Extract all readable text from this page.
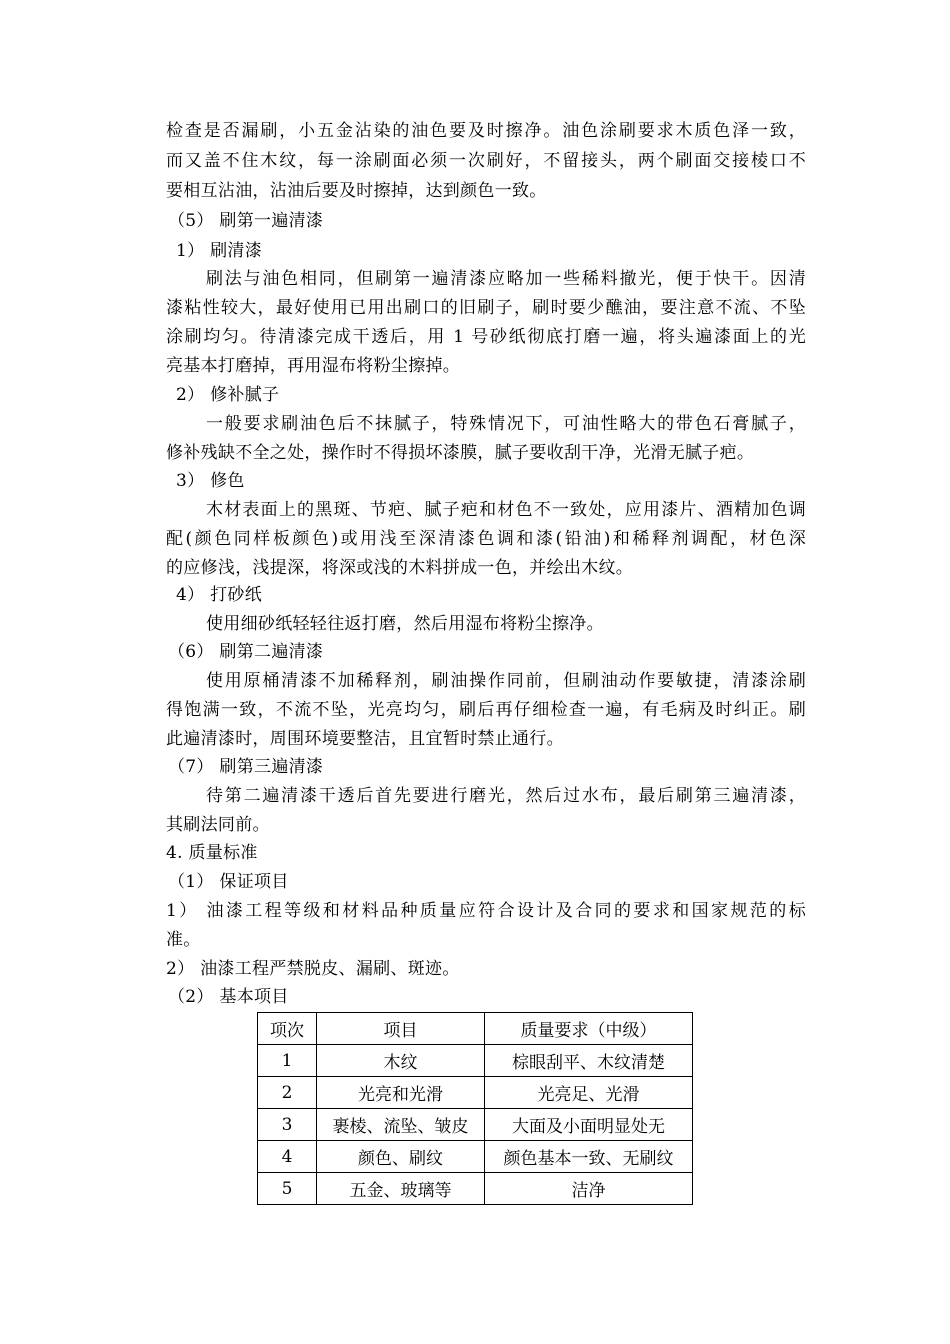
检查是否漏刷，小五金沾染的油色要及时擦净。油色涂刷要求木质色泽一致，
而又盖不住木纹，每一涂刷面必须一次刷好，不留接头，两个刷面交接棱口不
要相互沾油，沾油后要及时擦掉，达到颜色一致。
（5） 刷第一遍清漆
1） 刷清漆
刷法与油色相同，但刷第一遍清漆应略加一些稀料撤光，便于快干。因清
漆粘性较大，最好使用已用出刷口的旧刷子，刷时要少醮油，要注意不流、不坠
涂刷均匀。待清漆完成干透后，用 1 号砂纸彻底打磨一遍，将头遍漆面上的光
亮基本打磨掉，再用湿布将粉尘擦掉。
2） 修补腻子
一般要求刷油色后不抹腻子，特殊情况下，可油性略大的带色石膏腻子，
修补残缺不全之处，操作时不得损坏漆膜，腻子要收刮干净，光滑无腻子疤。
3） 修色
木材表面上的黑斑、节疤、腻子疤和材色不一致处，应用漆片、酒精加色调
配(颜色同样板颜色)或用浅至深清漆色调和漆(铅油)和稀释剂调配，材色深
的应修浅，浅提深，将深或浅的木料拼成一色，并绘出木纹。
4） 打砂纸
使用细砂纸轻轻往返打磨，然后用湿布将粉尘擦净。
（6） 刷第二遍清漆
使用原桶清漆不加稀释剂，刷油操作同前，但刷油动作要敏捷，清漆涂刷
得饱满一致，不流不坠，光亮均匀，刷后再仔细检查一遍，有毛病及时纠正。刷
此遍清漆时，周围环境要整洁，且宜暂时禁止通行。
（7） 刷第三遍清漆
待第二遍清漆干透后首先要进行磨光，然后过水布，最后刷第三遍清漆，
其刷法同前。
4. 质量标准
（1） 保证项目
1） 油漆工程等级和材料品种质量应符合设计及合同的要求和国家规范的标
准。
2） 油漆工程严禁脱皮、漏刷、斑迹。
（2） 基本项目
项次	项目	质量要求（中级）
1	木纹	棕眼刮平、木纹清楚
2	光亮和光滑	光亮足、光滑
3	裹棱、流坠、皱皮	大面及小面明显处无
4	颜色、刷纹	颜色基本一致、无刷纹
5	五金、玻璃等	洁净
